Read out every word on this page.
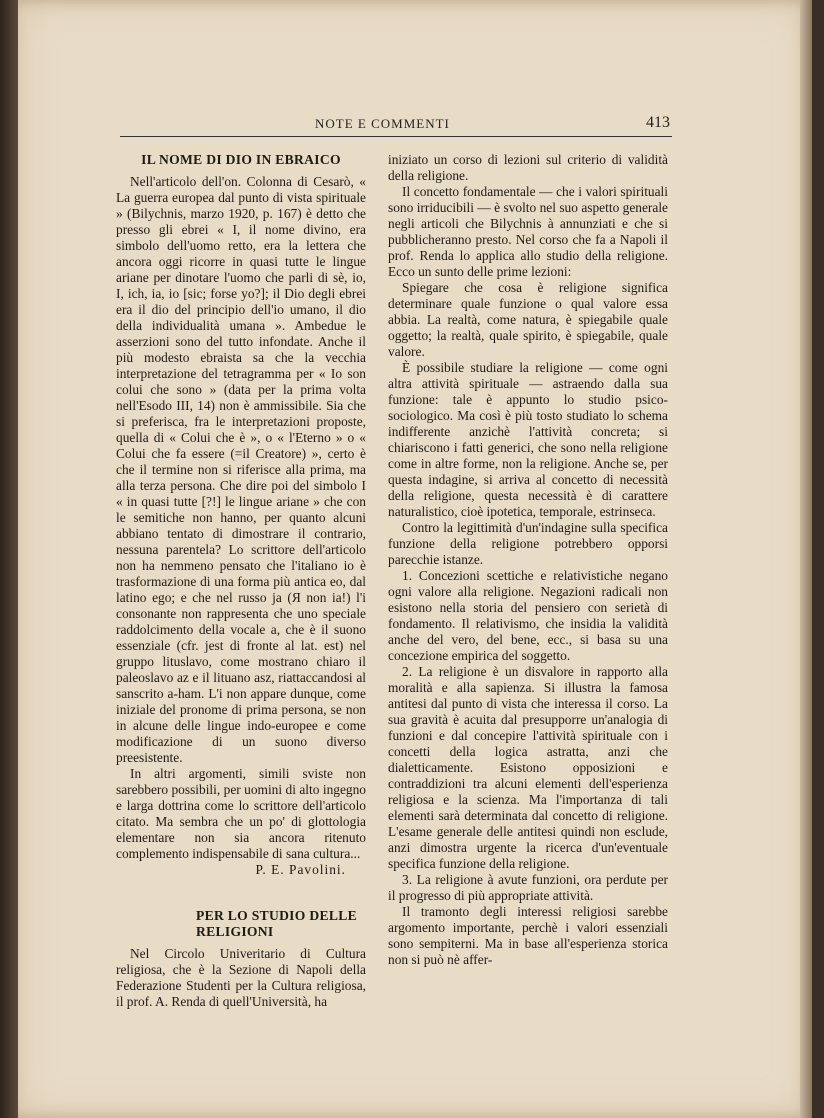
NOTE E COMMENTI	413
IL NOME DI DIO IN EBRAICO

Nell'articolo dell'on. Colonna di Cesarò, « La guerra europea dal punto di vista spirituale » (Bilychnis, marzo 1920, p. 167) è detto che presso gli ebrei « I, il nome divino, era simbolo dell'uomo retto, era la lettera che ancora oggi ricorre in quasi tutte le lingue ariane per dinotare l'uomo che parli di sè, io, I, ich, ia, io [sic; forse yo?]; il Dio degli ebrei era il dio del principio dell'io umano, il dio della individualità umana ». Ambedue le asserzioni sono del tutto infondate. Anche il più modesto ebraista sa che la vecchia interpretazione del tetragramma per « Io son colui che sono » (data per la prima volta nell'Esodo III, 14) non è ammissibile. Sia che si preferisca, fra le interpretazioni proposte, quella di « Colui che è », o « l'Eterno » o « Colui che fa essere (=il Creatore) », certo è che il termine non si riferisce alla prima, ma alla terza persona. Che dire poi del simbolo I « in quasi tutte [?!] le lingue ariane » che con le semitiche non hanno, per quanto alcuni abbiano tentato di dimostrare il contrario, nessuna parentela? Lo scrittore dell'articolo non ha nemmeno pensato che l'italiano io è trasformazione di una forma più antica eo, dal latino ego; e che nel russo ja (Я non ia!) l'i consonante non rappresenta che uno speciale raddolcimento della vocale a, che è il suono essenziale (cfr. jest di fronte al lat. est) nel gruppo lituslavo, come mostrano chiaro il paleoslavo az e il lituano asz, riattaccandosi al sanscrito a-ham. L'i non appare dunque, come iniziale del pronome di prima persona, se non in alcune delle lingue indo-europee e come modificazione di un suono diverso preesistente.

In altri argomenti, simili sviste non sarebbero possibili, per uomini di alto ingegno e larga dottrina come lo scrittore dell'articolo citato. Ma sembra che un po' di glottologia elementare non sia ancora ritenuto complemento indispensabile di sana cultura...

P. E. Pavolini.

PER LO STUDIO DELLE RELIGIONI

Nel Circolo Univeritario di Cultura religiosa, che è la Sezione di Napoli della Federazione Studenti per la Cultura religiosa, il prof. A. Renda di quell'Università, ha

iniziato un corso di lezioni sul criterio di validità della religione.

Il concetto fondamentale — che i valori spirituali sono irriducibili — è svolto nel suo aspetto generale negli articoli che Bilychnis à annunziati e che si pubblicheranno presto. Nel corso che fa a Napoli il prof. Renda lo applica allo studio della religione. Ecco un sunto delle prime lezioni:

Spiegare che cosa è religione significa determinare quale funzione o qual valore essa abbia. La realtà, come natura, è spiegabile quale oggetto; la realtà, quale spirito, è spiegabile, quale valore.

È possibile studiare la religione — come ogni altra attività spirituale — astraendo dalla sua funzione: tale è appunto lo studio psico-sociologico. Ma così è più tosto studiato lo schema indifferente anzichè l'attività concreta; si chiariscono i fatti generici, che sono nella religione come in altre forme, non la religione. Anche se, per questa indagine, si arriva al concetto di necessità della religione, questa necessità è di carattere naturalistico, cioè ipotetica, temporale, estrinseca.

Contro la legittimità d'un'indagine sulla specifica funzione della religione potrebbero opporsi parecchie istanze.

1. Concezioni scettiche e relativistiche negano ogni valore alla religione. Negazioni radicali non esistono nella storia del pensiero con serietà di fondamento. Il relativismo, che insidia la validità anche del vero, del bene, ecc., si basa su una concezione empirica del soggetto.

2. La religione è un disvalore in rapporto alla moralità e alla sapienza. Si illustra la famosa antitesi dal punto di vista che interessa il corso. La sua gravità è acuita dal presupporre un'analogia di funzioni e dal concepire l'attività spirituale con i concetti della logica astratta, anzi che dialetticamente. Esistono opposizioni e contraddizioni tra alcuni elementi dell'esperienza religiosa e la scienza. Ma l'importanza di tali elementi sarà determinata dal concetto di religione. L'esame generale delle antitesi quindi non esclude, anzi dimostra urgente la ricerca d'un'eventuale specifica funzione della religione.

3. La religione à avute funzioni, ora perdute per il progresso di più appropriate attività.

Il tramonto degli interessi religiosi sarebbe argomento importante, perchè i valori essenziali sono sempiterni. Ma in base all'esperienza storica non si può nè affer-
